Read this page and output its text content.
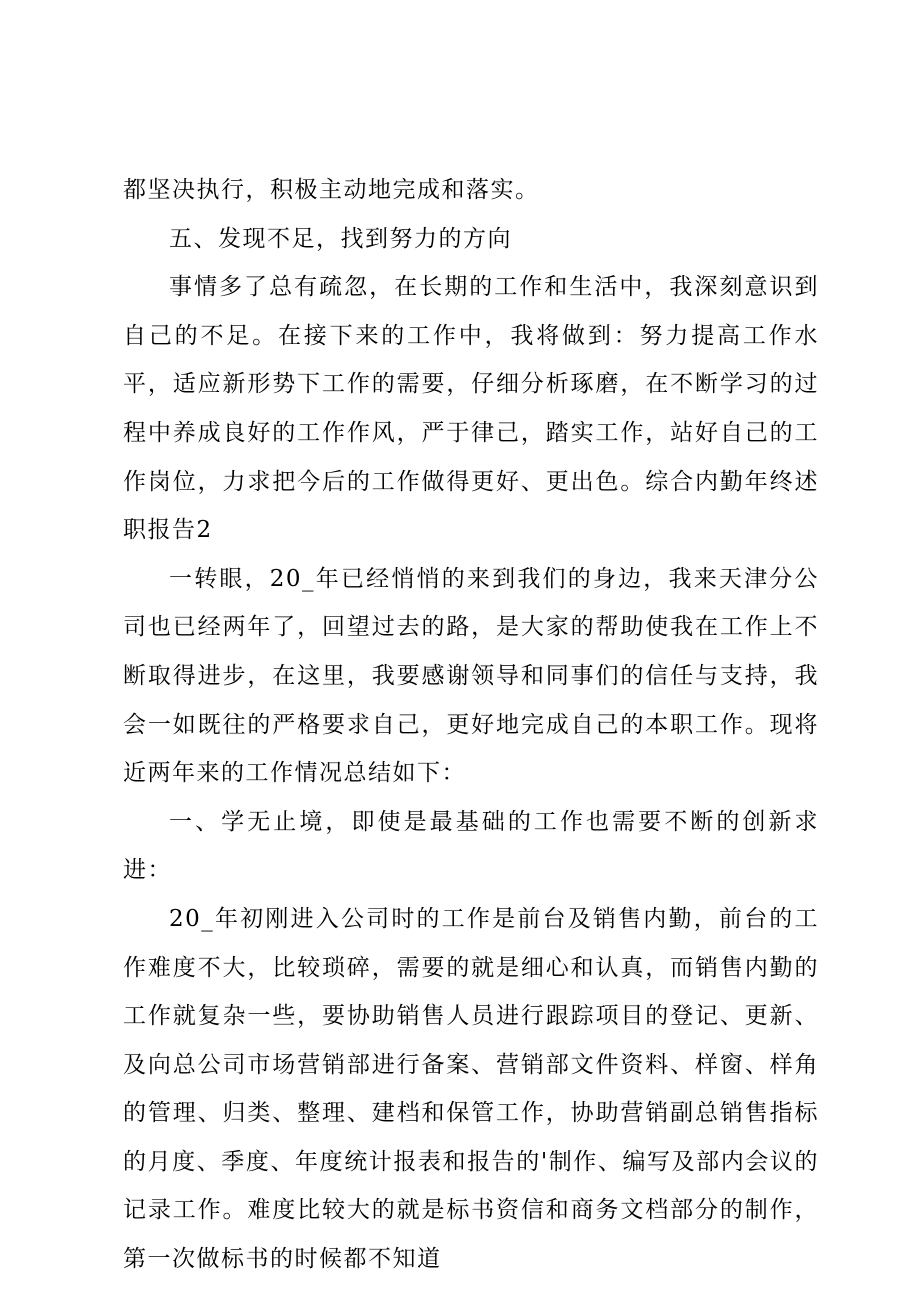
都坚决执行，积极主动地完成和落实。

五、发现不足，找到努力的方向

事情多了总有疏忽，在长期的工作和生活中，我深刻意识到自己的不足。在接下来的工作中，我将做到：努力提高工作水平，适应新形势下工作的需要，仔细分析琢磨，在不断学习的过程中养成良好的工作作风，严于律己，踏实工作，站好自己的工作岗位，力求把今后的工作做得更好、更出色。综合内勤年终述职报告2

一转眼，20_年已经悄悄的来到我们的身边，我来天津分公司也已经两年了，回望过去的路，是大家的帮助使我在工作上不断取得进步，在这里，我要感谢领导和同事们的信任与支持，我会一如既往的严格要求自己，更好地完成自己的本职工作。现将近两年来的工作情况总结如下：

一、学无止境，即使是最基础的工作也需要不断的创新求进：

20_年初刚进入公司时的工作是前台及销售内勤，前台的工作难度不大，比较琐碎，需要的就是细心和认真，而销售内勤的工作就复杂一些，要协助销售人员进行跟踪项目的登记、更新、及向总公司市场营销部进行备案、营销部文件资料、样窗、样角的管理、归类、整理、建档和保管工作，协助营销副总销售指标的月度、季度、年度统计报表和报告的'制作、编写及部内会议的记录工作。难度比较大的就是标书资信和商务文档部分的制作，第一次做标书的时候都不知道
